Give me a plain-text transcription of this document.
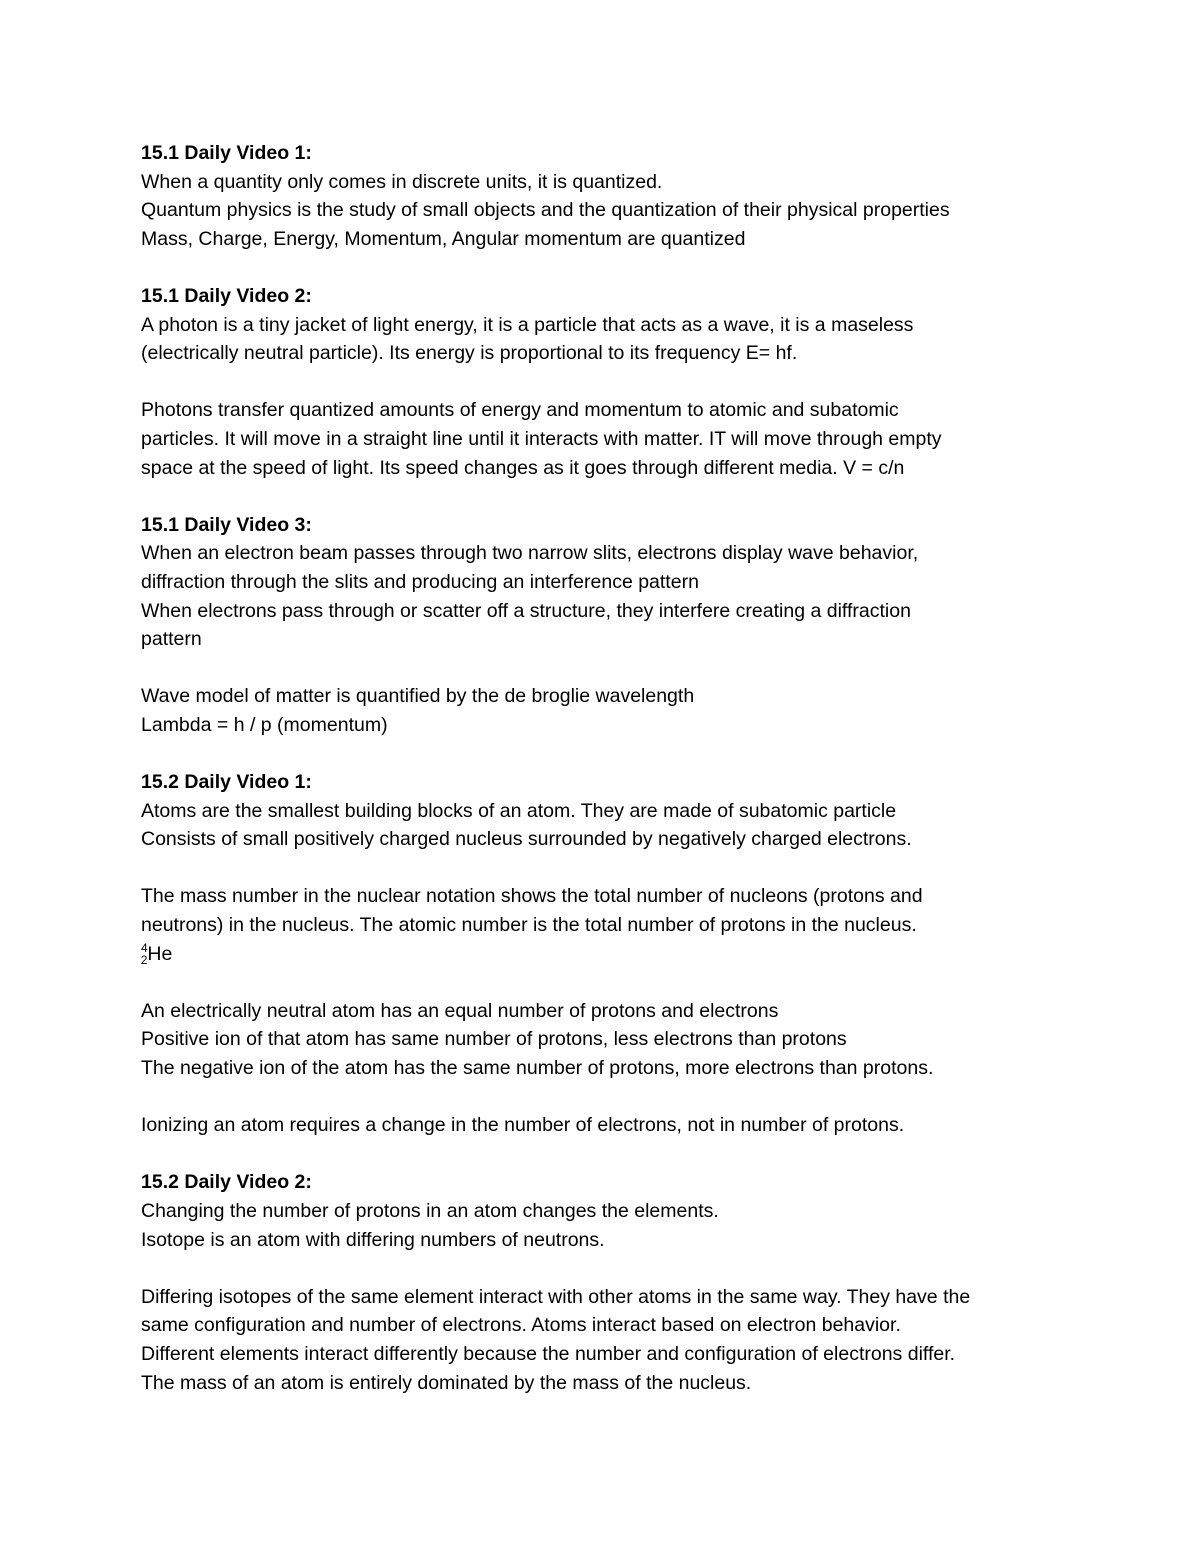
15.1 Daily Video 1:

When a quantity only comes in discrete units, it is quantized.

Quantum physics is the study of small objects and the quantization of their physical properties

Mass, Charge, Energy, Momentum, Angular momentum are quantized

15.1 Daily Video 2:

A photon is a tiny jacket of light energy, it is a particle that acts as a wave, it is a maseless

(electrically neutral particle). Its energy is proportional to its frequency E= hf.

Photons transfer quantized amounts of energy and momentum to atomic and subatomic

particles. It will move in a straight line until it interacts with matter. IT will move through empty

space at the speed of light. Its speed changes as it goes through different media. V = c/n

15.1 Daily Video 3:

When an electron beam passes through two narrow slits, electrons display wave behavior,

diffraction through the slits and producing an interference pattern

When electrons pass through or scatter off a structure, they interfere creating a diffraction

pattern

Wave model of matter is quantified by the de broglie wavelength

Lambda = h / p (momentum)

15.2 Daily Video 1:

Atoms are the smallest building blocks of an atom. They are made of subatomic particle

Consists of small positively charged nucleus surrounded by negatively charged electrons.

The mass number in the nuclear notation shows the total number of nucleons (protons and

neutrons) in the nucleus. The atomic number is the total number of protons in the nucleus.

$^4_2$He

An electrically neutral atom has an equal number of protons and electrons

Positive ion of that atom has same number of protons, less electrons than protons

The negative ion of the atom has the same number of protons, more electrons than protons.

Ionizing an atom requires a change in the number of electrons, not in number of protons.

15.2 Daily Video 2:

Changing the number of protons in an atom changes the elements.

Isotope is an atom with differing numbers of neutrons.

Differing isotopes of the same element interact with other atoms in the same way. They have the

same configuration and number of electrons. Atoms interact based on electron behavior.

Different elements interact differently because the number and configuration of electrons differ.

The mass of an atom is entirely dominated by the mass of the nucleus.
